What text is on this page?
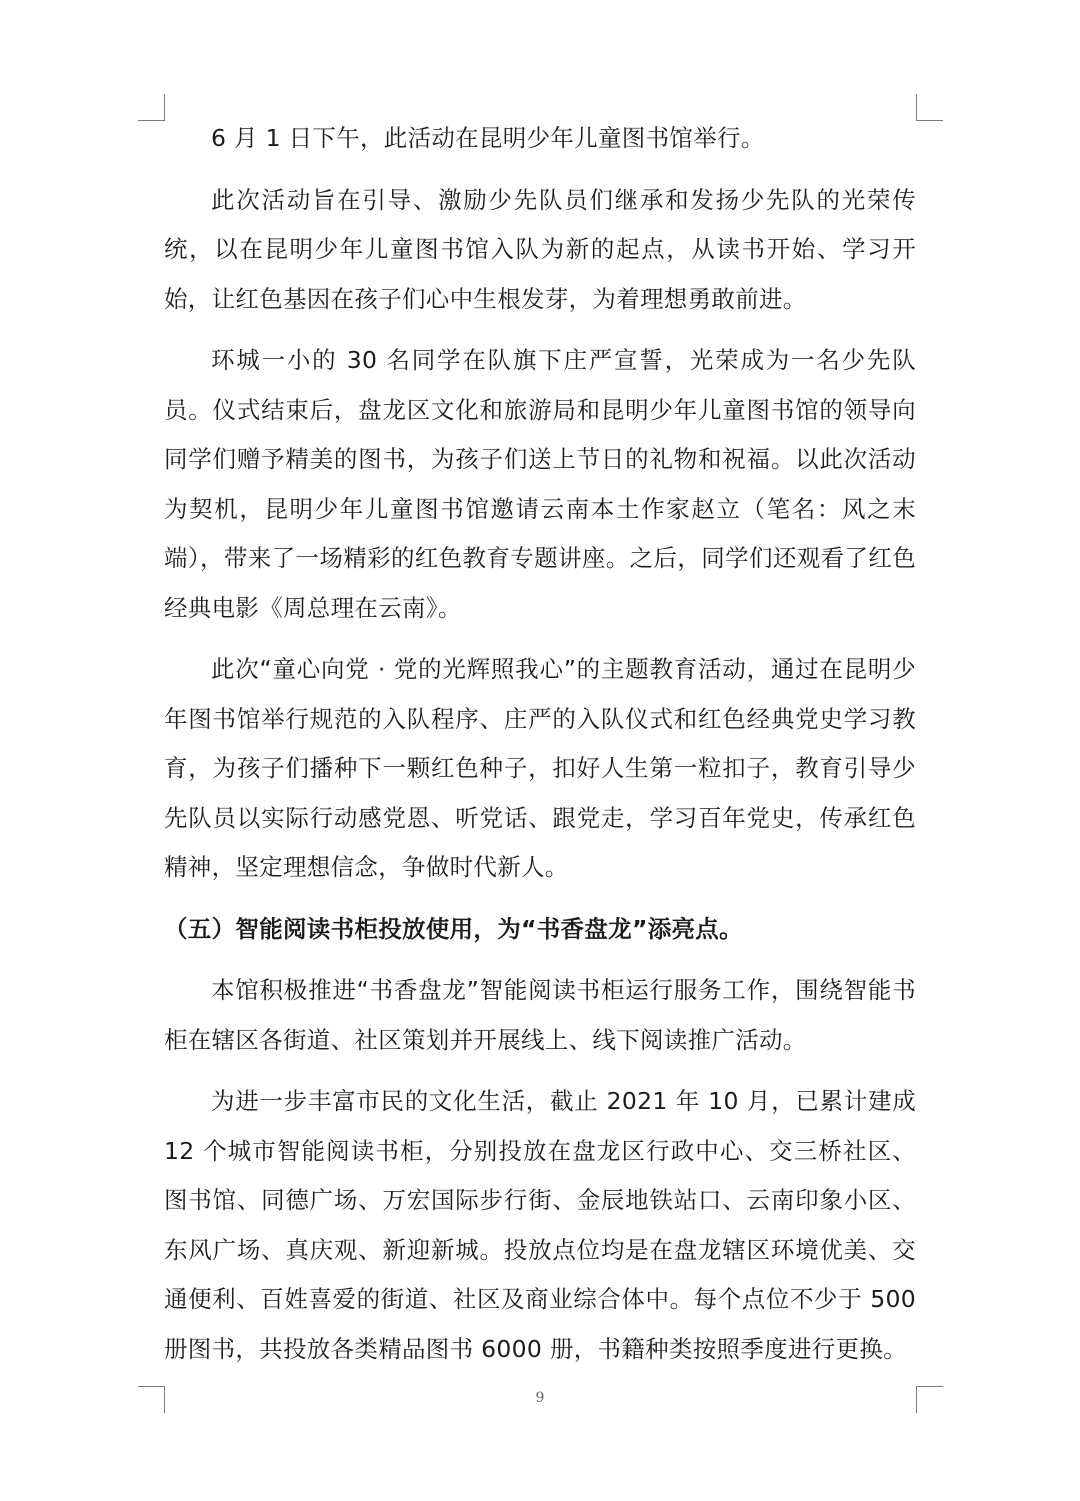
6 月 1 日下午，此活动在昆明少年儿童图书馆举行。

此次活动旨在引导、激励少先队员们继承和发扬少先队的光荣传统，以在昆明少年儿童图书馆入队为新的起点，从读书开始、学习开始，让红色基因在孩子们心中生根发芽，为着理想勇敢前进。

环城一小的 30 名同学在队旗下庄严宣誓，光荣成为一名少先队员。仪式结束后，盘龙区文化和旅游局和昆明少年儿童图书馆的领导向同学们赠予精美的图书，为孩子们送上节日的礼物和祝福。以此次活动为契机，昆明少年儿童图书馆邀请云南本土作家赵立（笔名：风之末端），带来了一场精彩的红色教育专题讲座。之后，同学们还观看了红色经典电影《周总理在云南》。

此次“童心向党 · 党的光辉照我心”的主题教育活动，通过在昆明少年图书馆举行规范的入队程序、庄严的入队仪式和红色经典党史学习教育，为孩子们播种下一颗红色种子，扣好人生第一粒扣子，教育引导少先队员以实际行动感党恩、听党话、跟党走，学习百年党史，传承红色精神，坚定理想信念，争做时代新人。

（五）智能阅读书柜投放使用，为“书香盘龙”添亮点。

本馆积极推进“书香盘龙”智能阅读书柜运行服务工作，围绕智能书柜在辖区各街道、社区策划并开展线上、线下阅读推广活动。

为进一步丰富市民的文化生活，截止 2021 年 10 月，已累计建成 12 个城市智能阅读书柜，分别投放在盘龙区行政中心、交三桥社区、图书馆、同德广场、万宏国际步行街、金辰地铁站口、云南印象小区、东风广场、真庆观、新迎新城。投放点位均是在盘龙辖区环境优美、交通便利、百姓喜爱的街道、社区及商业综合体中。每个点位不少于 500 册图书，共投放各类精品图书 6000 册，书籍种类按照季度进行更换。

9
